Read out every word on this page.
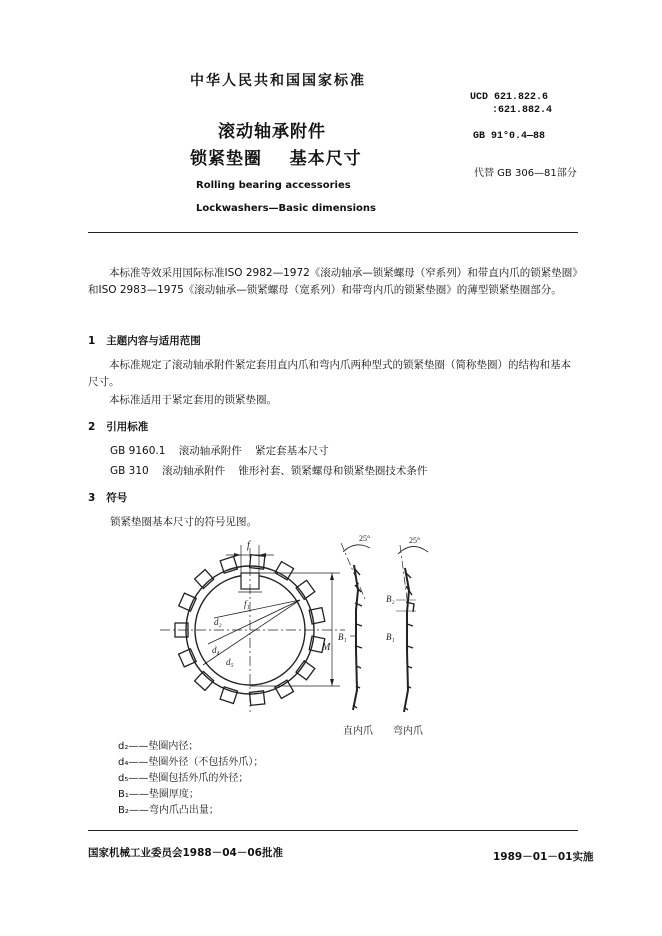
中华人民共和国国家标准
滚动轴承附件
锁紧垫圈    基本尺寸
Rolling bearing accessories
Lockwashers—Basic dimensions
UCD 621.822.6
:621.882.4
GB 91°0.4—88
代替 GB 306—81部分
本标准等效采用国际标准ISO 2982—1972《滚动轴承—锁紧螺母（窄系列）和带直内爪的锁紧垫圈》和ISO 2983—1975《滚动轴承—锁紧螺母（宽系列）和带弯内爪的锁紧垫圈》的薄型锁紧垫圈部分。
1   主题内容与适用范围
本标准规定了滚动轴承附件紧定套用直内爪和弯内爪两种型式的锁紧垫圈（简称垫圈）的结构和基本尺寸。
本标准适用于紧定套用的锁紧垫圈。
2   引用标准
GB 9160.1    滚动轴承附件    紧定套基本尺寸
GB 310    滚动轴承附件    锥形衬套、锁紧螺母和锁紧垫圈技术条件
3   符号
锁紧垫圈基本尺寸的符号见图。
25°	25°
f
f₁
d₂
d₄
d₅
M
B₁
B₂
B₁
直内爪 弯内爪
d₂——垫圈内径；
d₄——垫圈外径（不包括外爪）；
d₅——垫圈包括外爪的外径；
B₁——垫圈厚度；
B₂——弯内爪凸出量；
国家机械工业委员会1988－04－06批准	1989－01－01实施
